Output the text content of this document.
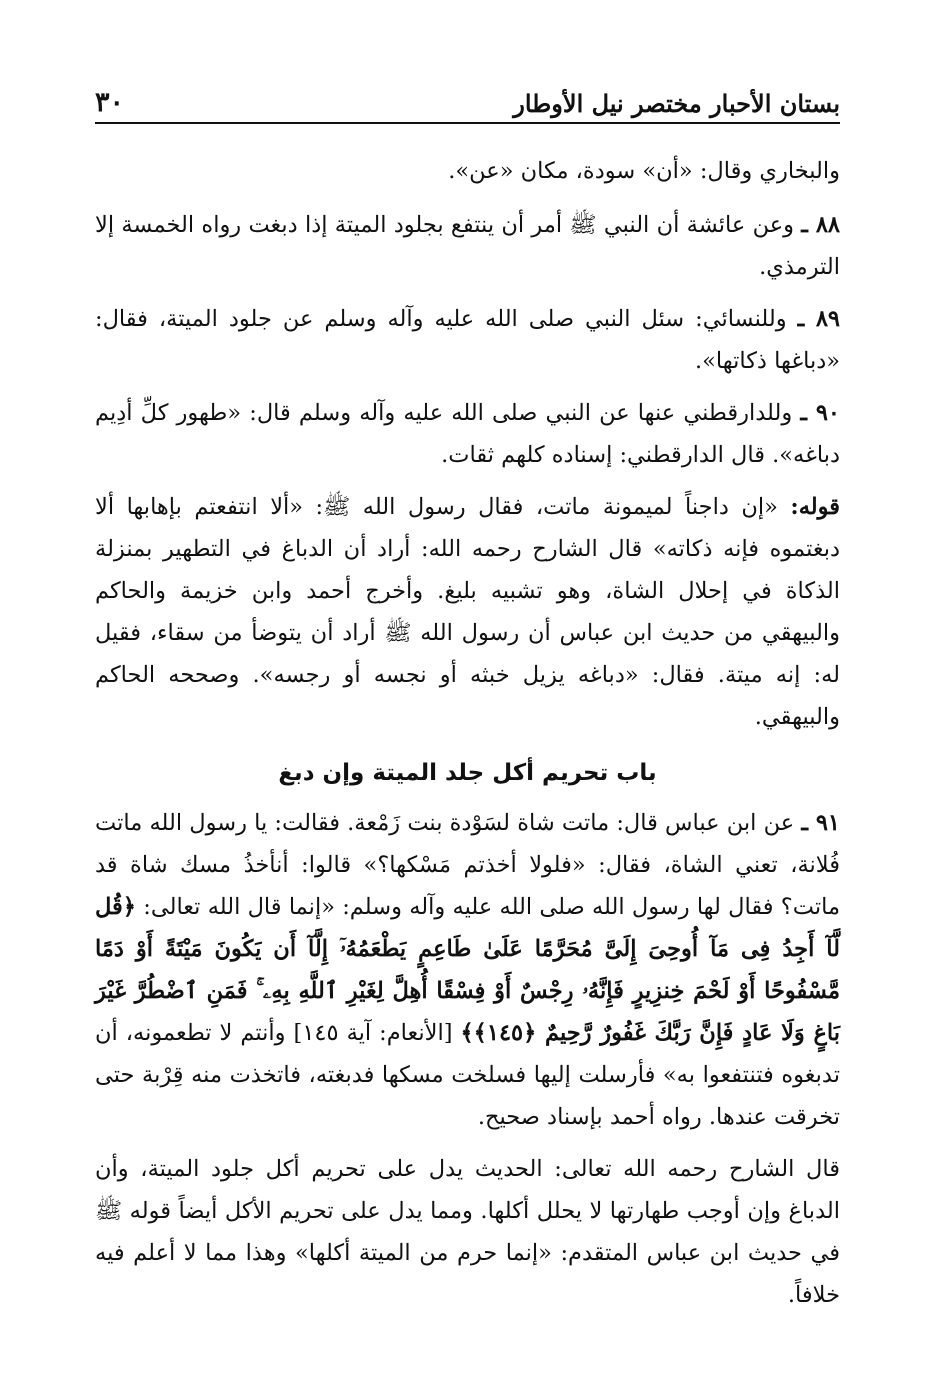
بستان الأحبار مختصر نيل الأوطار
٣٠

والبخاري وقال: «أن» سودة، مكان «عن».

٨٨ ـ وعن عائشة أن النبي ﷺ أمر أن ينتفع بجلود الميتة إذا دبغت رواه الخمسة إلا الترمذي.

٨٩ ـ وللنسائي: سئل النبي صلى الله عليه وآله وسلم عن جلود الميتة، فقال: «دباغها ذكاتها».

٩٠ ـ وللدارقطني عنها عن النبي صلى الله عليه وآله وسلم قال: «طهور كلِّ أدِيم دباغه». قال الدارقطني: إسناده كلهم ثقات.

قوله: «إن داجناً لميمونة ماتت، فقال رسول الله ﷺ: «ألا انتفعتم بإهابها ألا دبغتموه فإنه ذكاته» قال الشارح رحمه الله: أراد أن الدباغ في التطهير بمنزلة الذكاة في إحلال الشاة، وهو تشبيه بليغ. وأخرج أحمد وابن خزيمة والحاكم والبيهقي من حديث ابن عباس أن رسول الله ﷺ أراد أن يتوضأ من سقاء، فقيل له: إنه ميتة. فقال: «دباغه يزيل خبثه أو نجسه أو رجسه». وصححه الحاكم والبيهقي.

باب تحريم أكل جلد الميتة وإن دبغ

٩١ ـ عن ابن عباس قال: ماتت شاة لسَوْدة بنت زَمْعة. فقالت: يا رسول الله ماتت فُلانة، تعني الشاة، فقال: «فلولا أخذتم مَسْكها؟» قالوا: أنأخذُ مسك شاة قد ماتت؟ فقال لها رسول الله صلى الله عليه وآله وسلم: «إنما قال الله تعالى: ﴿قُل لَّآ أَجِدُ فِى مَآ أُوحِىَ إِلَىَّ مُحَرَّمًا عَلَىٰ طَاعِمٍ يَطْعَمُهُۥٓ إِلَّآ أَن يَكُونَ مَيْتَةً أَوْ دَمًا مَّسْفُوحًا أَوْ لَحْمَ خِنزِيرٍ فَإِنَّهُۥ رِجْسٌ أَوْ فِسْقًا أُهِلَّ لِغَيْرِ ٱللَّهِ بِهِۦ ۚ فَمَنِ ٱضْطُرَّ غَيْرَ بَاغٍ وَلَا عَادٍ فَإِنَّ رَبَّكَ غَفُورٌ رَّحِيمٌ ﴿١٤٥﴾﴾ [الأنعام: آية ١٤٥] وأنتم لا تطعمونه، أن تدبغوه فتنتفعوا به» فأرسلت إليها فسلخت مسكها فدبغته، فاتخذت منه قِرْبة حتى تخرقت عندها. رواه أحمد بإسناد صحيح.

قال الشارح رحمه الله تعالى: الحديث يدل على تحريم أكل جلود الميتة، وأن الدباغ وإن أوجب طهارتها لا يحلل أكلها. ومما يدل على تحريم الأكل أيضاً قوله ﷺ في حديث ابن عباس المتقدم: «إنما حرم من الميتة أكلها» وهذا مما لا أعلم فيه خلافاً.
